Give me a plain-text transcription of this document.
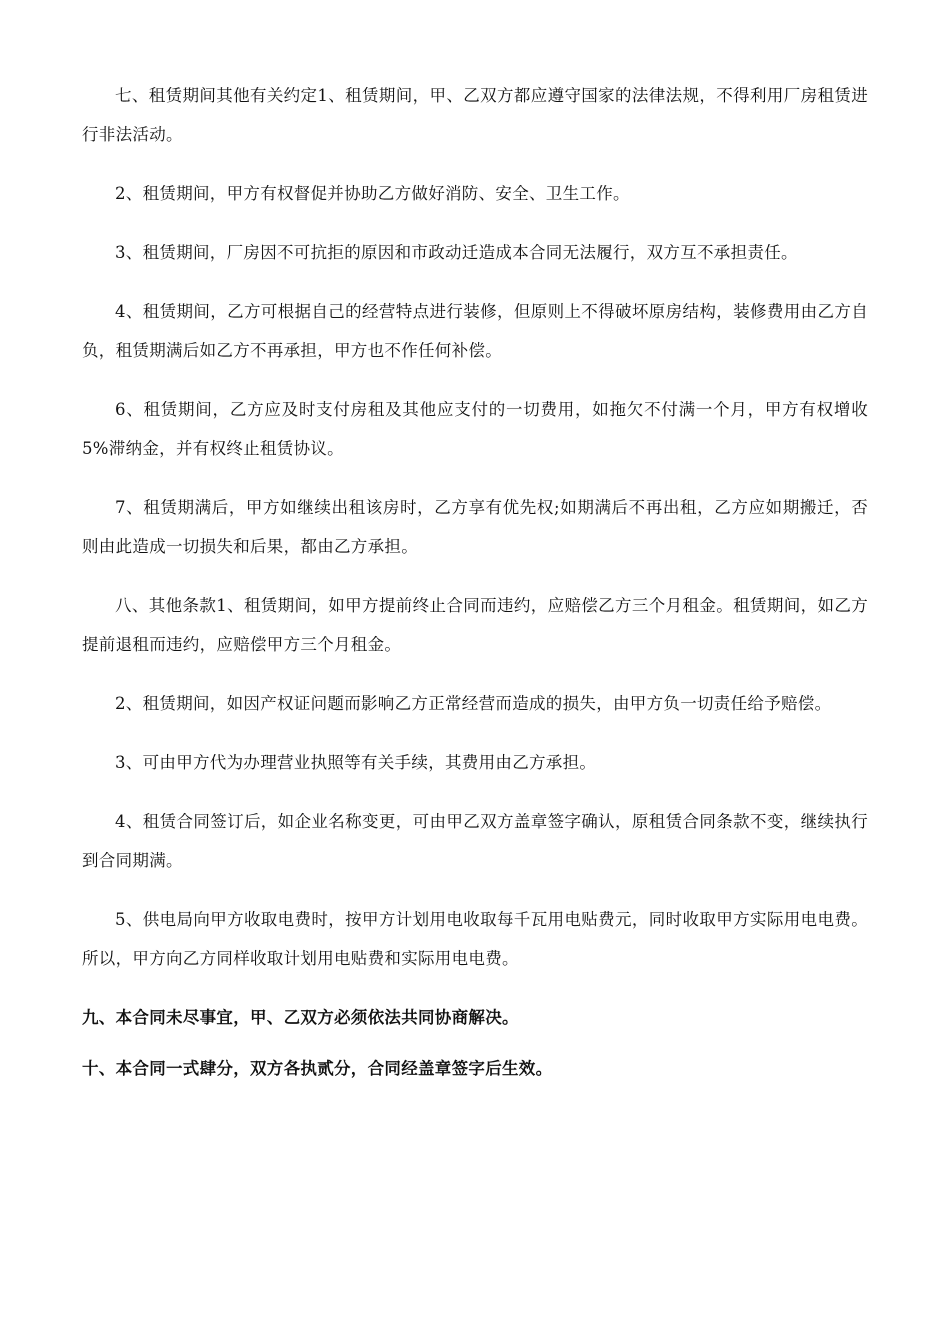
七、租赁期间其他有关约定1、租赁期间，甲、乙双方都应遵守国家的法律法规，不得利用厂房租赁进行非法活动。

2、租赁期间，甲方有权督促并协助乙方做好消防、安全、卫生工作。

3、租赁期间，厂房因不可抗拒的原因和市政动迁造成本合同无法履行，双方互不承担责任。

4、租赁期间，乙方可根据自己的经营特点进行装修，但原则上不得破坏原房结构，装修费用由乙方自负，租赁期满后如乙方不再承担，甲方也不作任何补偿。

6、租赁期间，乙方应及时支付房租及其他应支付的一切费用，如拖欠不付满一个月，甲方有权增收5%滞纳金，并有权终止租赁协议。

7、租赁期满后，甲方如继续出租该房时，乙方享有优先权;如期满后不再出租，乙方应如期搬迁，否则由此造成一切损失和后果，都由乙方承担。

八、其他条款1、租赁期间，如甲方提前终止合同而违约，应赔偿乙方三个月租金。租赁期间，如乙方提前退租而违约，应赔偿甲方三个月租金。

2、租赁期间，如因产权证问题而影响乙方正常经营而造成的损失，由甲方负一切责任给予赔偿。

3、可由甲方代为办理营业执照等有关手续，其费用由乙方承担。

4、租赁合同签订后，如企业名称变更，可由甲乙双方盖章签字确认，原租赁合同条款不变，继续执行到合同期满。

5、供电局向甲方收取电费时，按甲方计划用电收取每千瓦用电贴费元，同时收取甲方实际用电电费。所以，甲方向乙方同样收取计划用电贴费和实际用电电费。

九、本合同未尽事宜，甲、乙双方必须依法共同协商解决。

十、本合同一式肆分，双方各执贰分，合同经盖章签字后生效。
